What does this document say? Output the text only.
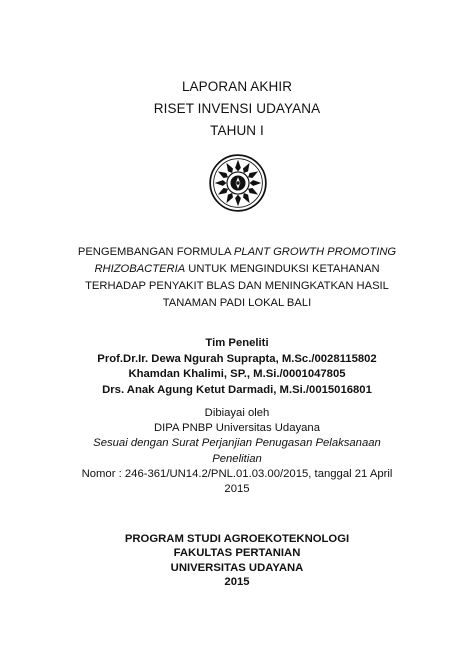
LAPORAN AKHIR
RISET INVENSI UDAYANA
TAHUN I
PENGEMBANGAN FORMULA PLANT GROWTH PROMOTING
RHIZOBACTERIA UNTUK MENGINDUKSI KETAHANAN
TERHADAP PENYAKIT BLAS DAN MENINGKATKAN HASIL
TANAMAN PADI LOKAL BALI
Tim Peneliti
Prof.Dr.Ir. Dewa Ngurah Suprapta, M.Sc./0028115802
Khamdan Khalimi, SP., M.Si./0001047805
Drs. Anak Agung Ketut Darmadi, M.Si./0015016801
Dibiayai oleh
DIPA PNBP Universitas Udayana
Sesuai dengan Surat Perjanjian Penugasan Pelaksanaan
Penelitian
Nomor : 246-361/UN14.2/PNL.01.03.00/2015, tanggal 21 April
2015
PROGRAM STUDI AGROEKOTEKNOLOGI
FAKULTAS PERTANIAN
UNIVERSITAS UDAYANA
2015
